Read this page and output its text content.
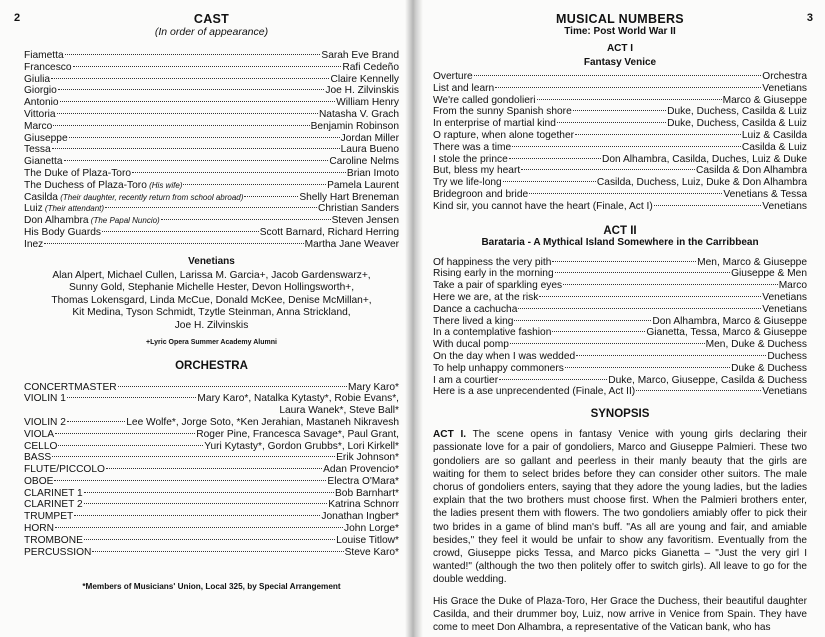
2	CAST
(In order of appearance)
Fiametta	Sarah Eve Brand
Francesco	Rafi Cedeño
Giulia	Claire Kennelly
Giorgio	Joe H. Zilvinskis
Antonio	William Henry
Vittoria	Natasha V. Grach
Marco	Benjamin Robinson
Giuseppe	Jordan Miller
Tessa	Laura Bueno
Gianetta	Caroline Nelms
The Duke of Plaza-Toro	Brian Imoto
The Duchess of Plaza-Toro (His wife)	Pamela Laurent
Casilda (Their daughter, recently return from school abroad)	Shelly Hart Breneman
Luiz (Their attendant)	Christian Sanders
Don Alhambra (The Papal Nuncio)	Steven Jensen
His Body Guards	Scott Barnard, Richard Herring
Inez	Martha Jane Weaver
Venetians
Alan Alpert, Michael Cullen, Larissa M. Garcia+, Jacob Gardenswarz+,
Sunny Gold, Stephanie Michelle Hester, Devon Hollingsworth+,
Thomas Lokensgard, Linda McCue, Donald McKee, Denise McMillan+,
Kit Medina, Tyson Schmidt, Tzytle Steinman, Anna Strickland,
Joe H. Zilvinskis
+Lyric Opera Summer Academy Alumni
ORCHESTRA
CONCERTMASTER	Mary Karo*
VIOLIN 1	Mary Karo*, Natalka Kytasty*, Robie Evans*,
Laura Wanek*, Steve Ball*
VIOLIN 2	Lee Wolfe*, Jorge Soto, *Ken Jerahian, Mastaneh Nikravesh
VIOLA	Roger Pine, Francesca Savage*, Paul Grant,
CELLO	Yuri Kytasty*, Gordon Grubbs*, Lori Kirkell*
BASS	Erik Johnson*
FLUTE/PICCOLO	Adan Provencio*
OBOE	Electra O'Mara*
CLARINET 1	Bob Barnhart*
CLARINET 2	Katrina Schnorr
TRUMPET	Jonathan Ingber*
HORN	John Lorge*
TROMBONE	Louise Titlow*
PERCUSSION	Steve Karo*
*Members of Musicians' Union, Local 325, by Special Arrangement
3
MUSICAL NUMBERS
Time: Post World War II
ACT I
Fantasy Venice
Overture	Orchestra
List and learn	Venetians
We're called gondolieri	Marco & Giuseppe
From the sunny Spanish shore	Duke, Duchess, Casilda & Luiz
In enterprise of martial kind	Duke, Duchess, Casilda & Luiz
O rapture, when alone together	Luiz & Casilda
There was a time	Casilda & Luiz
I stole the prince	Don Alhambra, Casilda, Duches, Luiz & Duke
But, bless my heart	Casilda & Don Alhambra
Try we life-long	Casilda, Duchess, Luiz, Duke & Don Alhambra
Bridegroon and bride	Venetians & Tessa
Kind sir, you cannot have the heart (Finale, Act I)	Venetians
ACT II
Barataria - A Mythical Island Somewhere in the Carribbean
Of happiness the very pith	Men, Marco & Giuseppe
Rising early in the morning	Giuseppe & Men
Take a pair of sparkling eyes	Marco
Here we are, at the risk	Venetians
Dance a cachucha	Venetians
There lived a king	Don Alhambra, Marco & Giuseppe
In a contemplative fashion	Gianetta, Tessa, Marco & Giuseppe
With ducal pomp	Men, Duke & Duchess
On the day when I was wedded	Duchess
To help unhappy commoners	Duke & Duchess
I am a courtier	Duke, Marco, Giuseppe, Casilda & Duchess
Here is a ase unprecendented (Finale, Act II)	Venetians
SYNOPSIS

ACT I. The scene opens in fantasy Venice with young girls declaring their passionate love for a pair of gondoliers, Marco and Giuseppe Palmieri. These two gondoliers are so gallant and peerless in their manly beauty that the girls are waiting for them to select brides before they can consider other suitors. The male chorus of gondoliers enters, saying that they adore the young ladies, but the ladies explain that the two brothers must choose first. When the Palmieri brothers enter, the ladies present them with flowers. The two gondoliers amiably offer to pick their two brides in a game of blind man's buff. "As all are young and fair, and amiable besides," they feel it would be unfair to show any favoritism. Eventually from the crowd, Giuseppe picks Tessa, and Marco picks Gianetta – "Just the very girl I wanted!" (although the two then politely offer to switch girls). All leave to go for the double wedding.

His Grace the Duke of Plaza-Toro, Her Grace the Duchess, their beautiful daughter Casilda, and their drummer boy, Luiz, now arrive in Venice from Spain. They have come to meet Don Alhambra, a representative of the Vatican bank, who has
